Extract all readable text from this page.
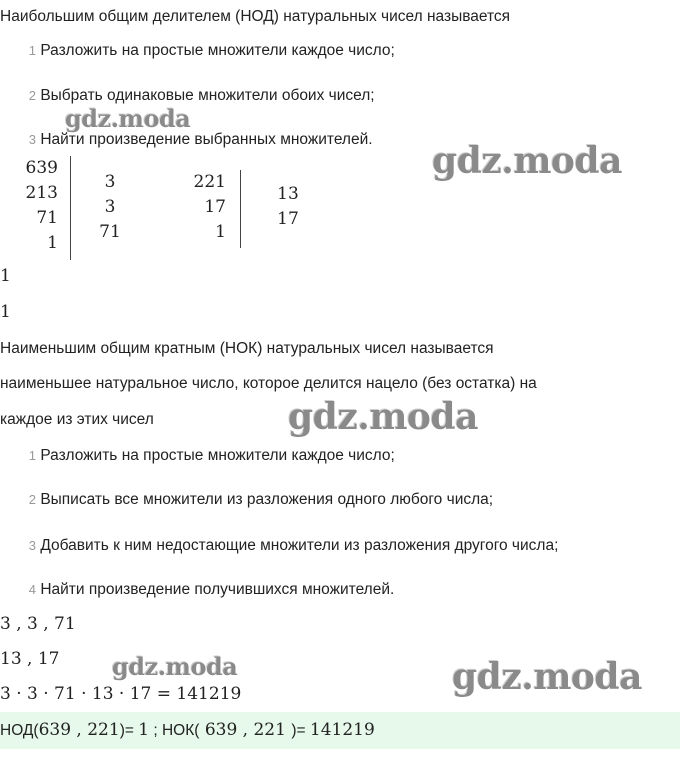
Наибольшим общим делителем (НОД) натуральных чисел называется
1 Разложить на простые множители каждое число;
2 Выбрать одинаковые множители обоих чисел;
3 Найти произведение выбранных множителей.
639
213
71
1
3
3
71
221
17
1
13
17
1
1
Наименьшим общим кратным (НОК) натуральных чисел называется
наименьшее натуральное число, которое делится нацело (без остатка) на
каждое из этих чисел
1 Разложить на простые множители каждое число;
2 Выписать все множители из разложения одного любого числа;
3 Добавить к ним недостающие множители из разложения другого числа;
4 Найти произведение получившихся множителей.
3 , 3 , 71
13 , 17
3 · 3 · 71 · 13 · 17 = 141219
НОД(639 , 221)= 1 ; НОК( 639 , 221 )= 141219
gdz.moda
gdz.moda
gdz.moda
gdz.moda	gdz.moda
